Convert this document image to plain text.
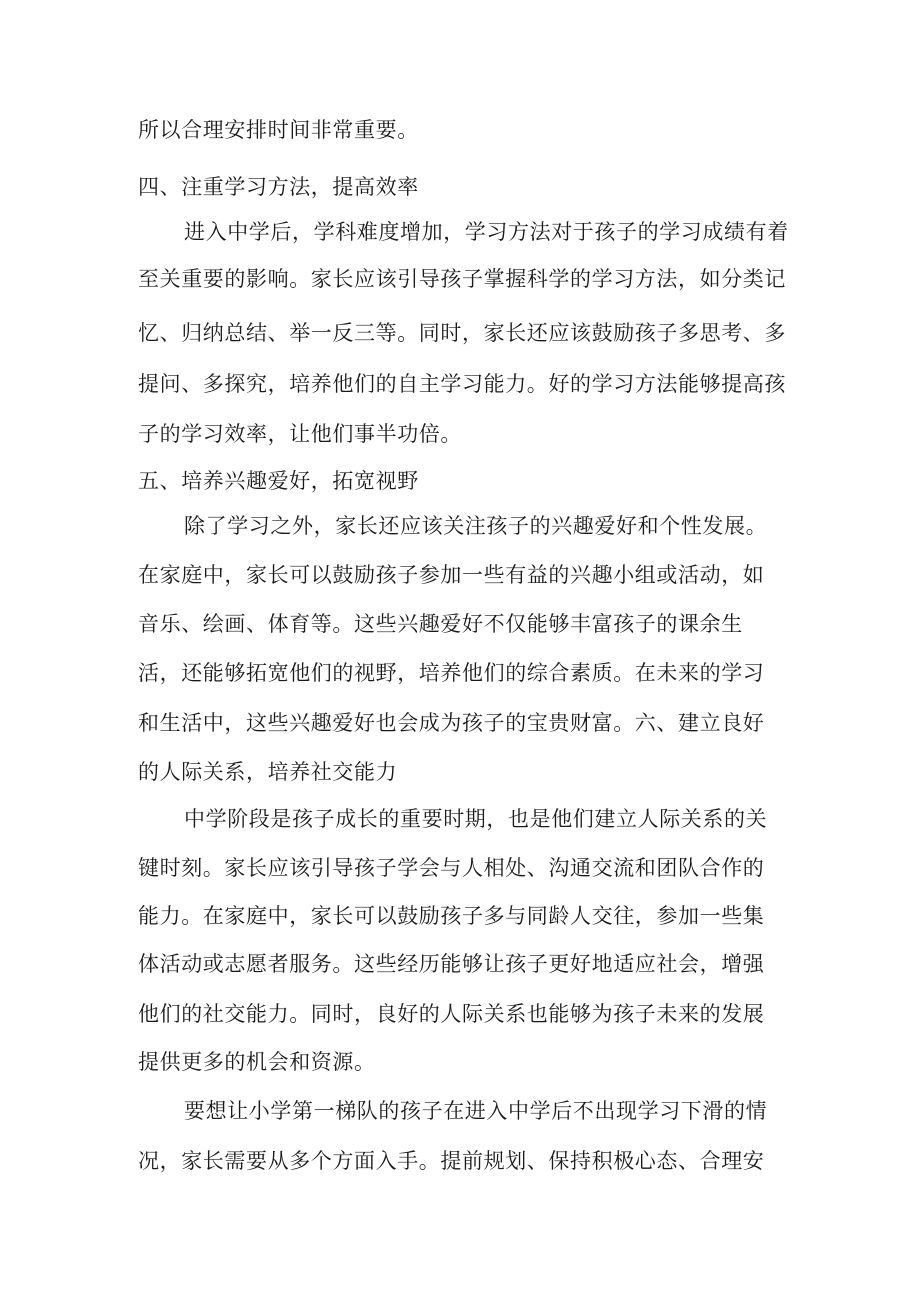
所以合理安排时间非常重要。

四、注重学习方法，提高效率

进入中学后，学科难度增加，学习方法对于孩子的学习成绩有着

至关重要的影响。家长应该引导孩子掌握科学的学习方法，如分类记

忆、归纳总结、举一反三等。同时，家长还应该鼓励孩子多思考、多

提问、多探究，培养他们的自主学习能力。好的学习方法能够提高孩

子的学习效率，让他们事半功倍。

五、培养兴趣爱好，拓宽视野

除了学习之外，家长还应该关注孩子的兴趣爱好和个性发展。

在家庭中，家长可以鼓励孩子参加一些有益的兴趣小组或活动，如

音乐、绘画、体育等。这些兴趣爱好不仅能够丰富孩子的课余生

活，还能够拓宽他们的视野，培养他们的综合素质。在未来的学习

和生活中，这些兴趣爱好也会成为孩子的宝贵财富。六、建立良好

的人际关系，培养社交能力

中学阶段是孩子成长的重要时期，也是他们建立人际关系的关

键时刻。家长应该引导孩子学会与人相处、沟通交流和团队合作的

能力。在家庭中，家长可以鼓励孩子多与同龄人交往，参加一些集

体活动或志愿者服务。这些经历能够让孩子更好地适应社会，增强

他们的社交能力。同时，良好的人际关系也能够为孩子未来的发展

提供更多的机会和资源。

要想让小学第一梯队的孩子在进入中学后不出现学习下滑的情

况，家长需要从多个方面入手。提前规划、保持积极心态、合理安
